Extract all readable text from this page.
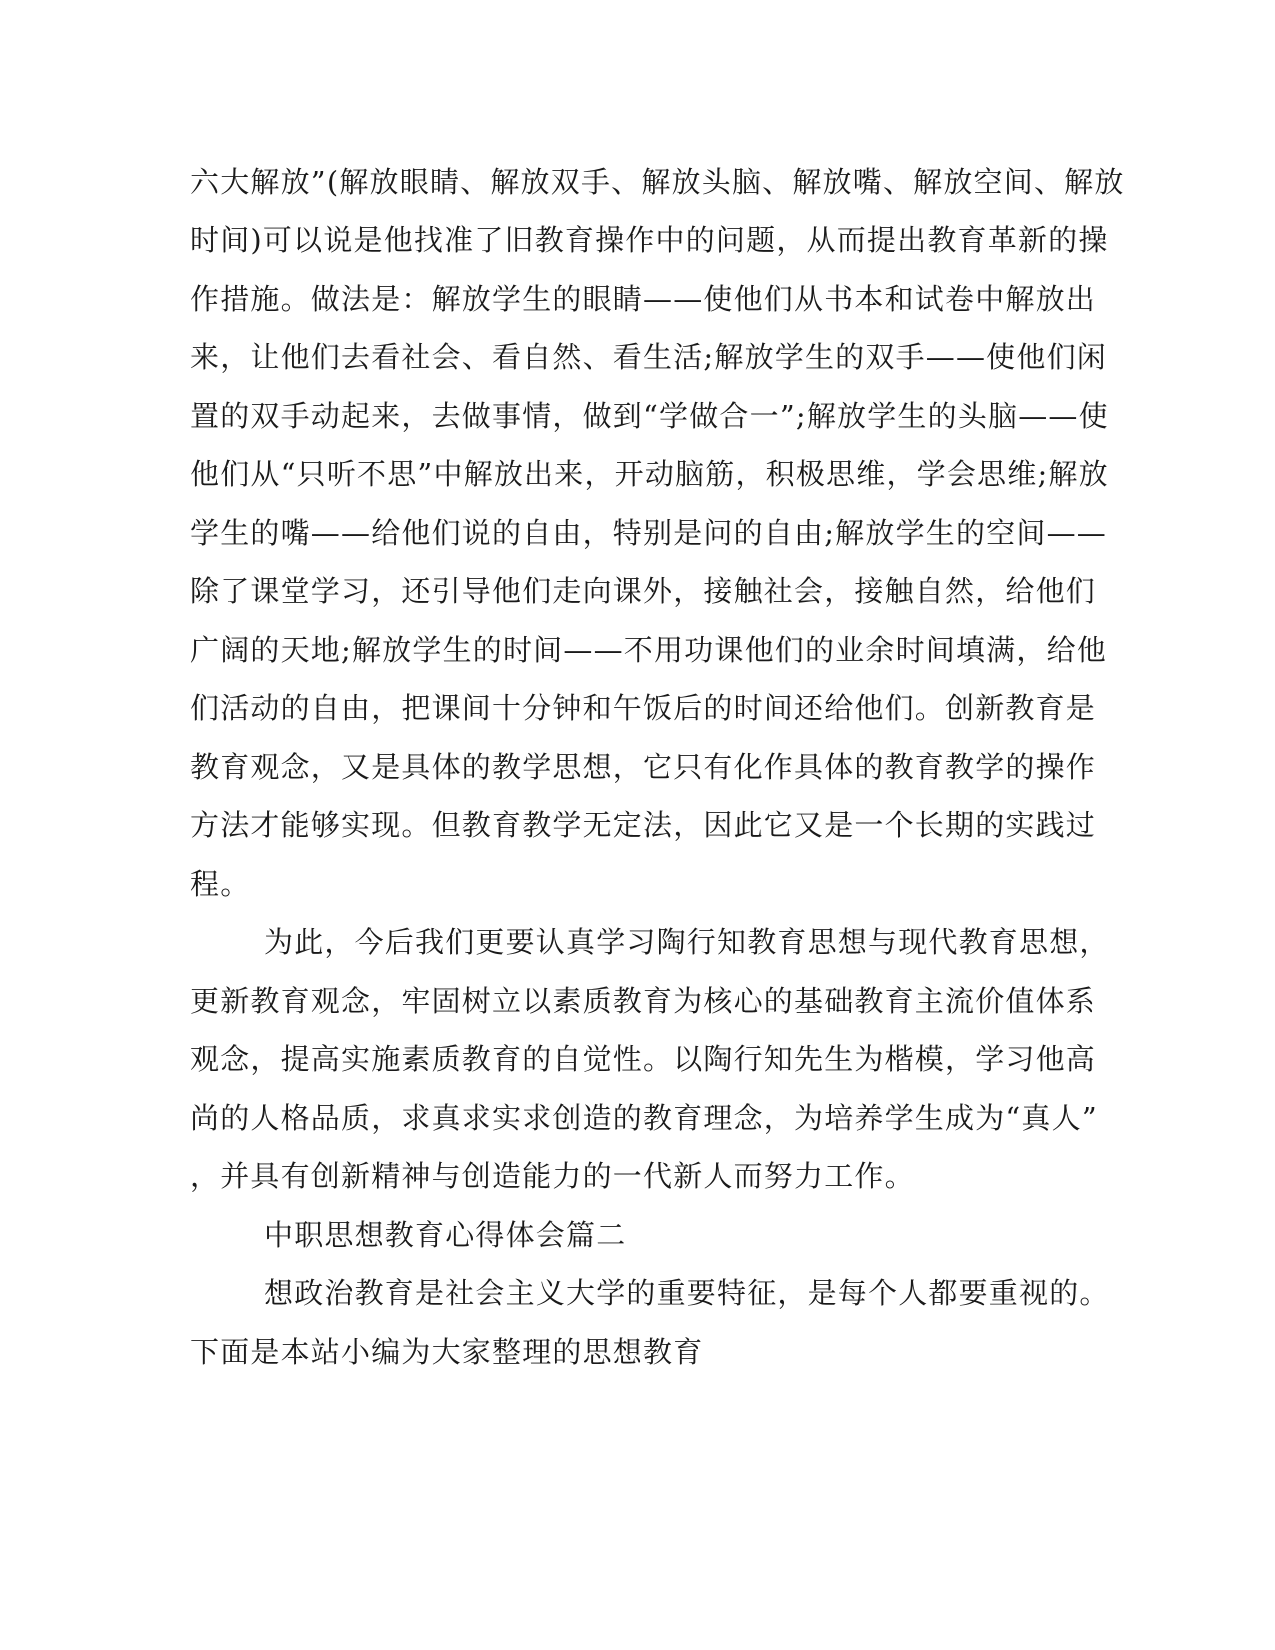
六大解放”(解放眼睛、解放双手、解放头脑、解放嘴、解放空间、解放
时间)可以说是他找准了旧教育操作中的问题，从而提出教育革新的操
作措施。做法是：解放学生的眼睛——使他们从书本和试卷中解放出
来，让他们去看社会、看自然、看生活;解放学生的双手——使他们闲
置的双手动起来，去做事情，做到“学做合一”;解放学生的头脑——使
他们从“只听不思”中解放出来，开动脑筋，积极思维，学会思维;解放
学生的嘴——给他们说的自由，特别是问的自由;解放学生的空间——
除了课堂学习，还引导他们走向课外，接触社会，接触自然，给他们
广阔的天地;解放学生的时间——不用功课他们的业余时间填满，给他
们活动的自由，把课间十分钟和午饭后的时间还给他们。创新教育是
教育观念，又是具体的教学思想，它只有化作具体的教育教学的操作
方法才能够实现。但教育教学无定法，因此它又是一个长期的实践过
程。
为此，今后我们更要认真学习陶行知教育思想与现代教育思想，
更新教育观念，牢固树立以素质教育为核心的基础教育主流价值体系
观念，提高实施素质教育的自觉性。以陶行知先生为楷模，学习他高
尚的人格品质，求真求实求创造的教育理念，为培养学生成为“真人”
，并具有创新精神与创造能力的一代新人而努力工作。
中职思想教育心得体会篇二
想政治教育是社会主义大学的重要特征，是每个人都要重视的。
下面是本站小编为大家整理的思想教育
